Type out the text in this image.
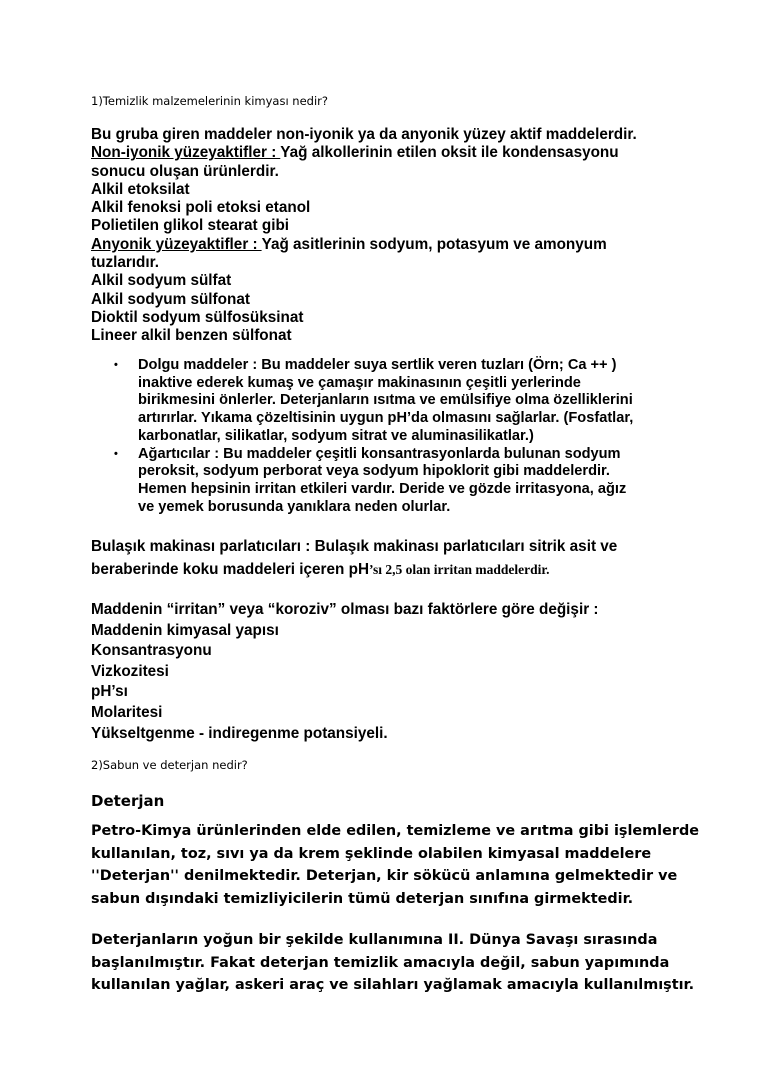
1)Temizlik malzemelerinin kimyası nedir?

Bu gruba giren maddeler non-iyonik ya da anyonik yüzey aktif maddelerdir.
Non-iyonik yüzeyaktifler : Yağ alkollerinin etilen oksit ile kondensasyonu
sonucu oluşan ürünlerdir.
Alkil etoksilat
Alkil fenoksi poli etoksi etanol
Polietilen glikol stearat gibi
Anyonik yüzeyaktifler : Yağ asitlerinin sodyum, potasyum ve amonyum
tuzlarıdır.
Alkil sodyum sülfat
Alkil sodyum sülfonat
Dioktil sodyum sülfosüksinat
Lineer alkil benzen sülfonat

• Dolgu maddeler : Bu maddeler suya sertlik veren tuzları (Örn; Ca ++ )
inaktive ederek kumaş ve çamaşır makinasının çeşitli yerlerinde
birikmesini önlerler. Deterjanların ısıtma ve emülsifiye olma özelliklerini
artırırlar. Yıkama çözeltisinin uygun pH’da olmasını sağlarlar. (Fosfatlar,
karbonatlar, silikatlar, sodyum sitrat ve aluminasilikatlar.)
• Ağartıcılar : Bu maddeler çeşitli konsantrasyonlarda bulunan sodyum
peroksit, sodyum perborat veya sodyum hipoklorit gibi maddelerdir.
Hemen hepsinin irritan etkileri vardır. Deride ve gözde irritasyona, ağız
ve yemek borusunda yanıklara neden olurlar.

Bulaşık makinası parlatıcıları : Bulaşık makinası parlatıcıları sitrik asit ve
beraberinde koku maddeleri içeren pH’sı 2,5 olan irritan maddelerdir.

Maddenin “irritan” veya “koroziv” olması bazı faktörlere göre değişir :
Maddenin kimyasal yapısı
Konsantrasyonu
Vizkozitesi
pH’sı
Molaritesi
Yükseltgenme - indiregenme potansiyeli.

2)Sabun ve deterjan nedir?

Deterjan

Petro-Kimya ürünlerinden elde edilen, temizleme ve arıtma gibi işlemlerde
kullanılan, toz, sıvı ya da krem şeklinde olabilen kimyasal maddelere
''Deterjan'' denilmektedir. Deterjan, kir sökücü anlamına gelmektedir ve
sabun dışındaki temizliyicilerin tümü deterjan sınıfına girmektedir.

Deterjanların yoğun bir şekilde kullanımına II. Dünya Savaşı sırasında
başlanılmıştır. Fakat deterjan temizlik amacıyla değil, sabun yapımında
kullanılan yağlar, askeri araç ve silahları yağlamak amacıyla kullanılmıştır.
